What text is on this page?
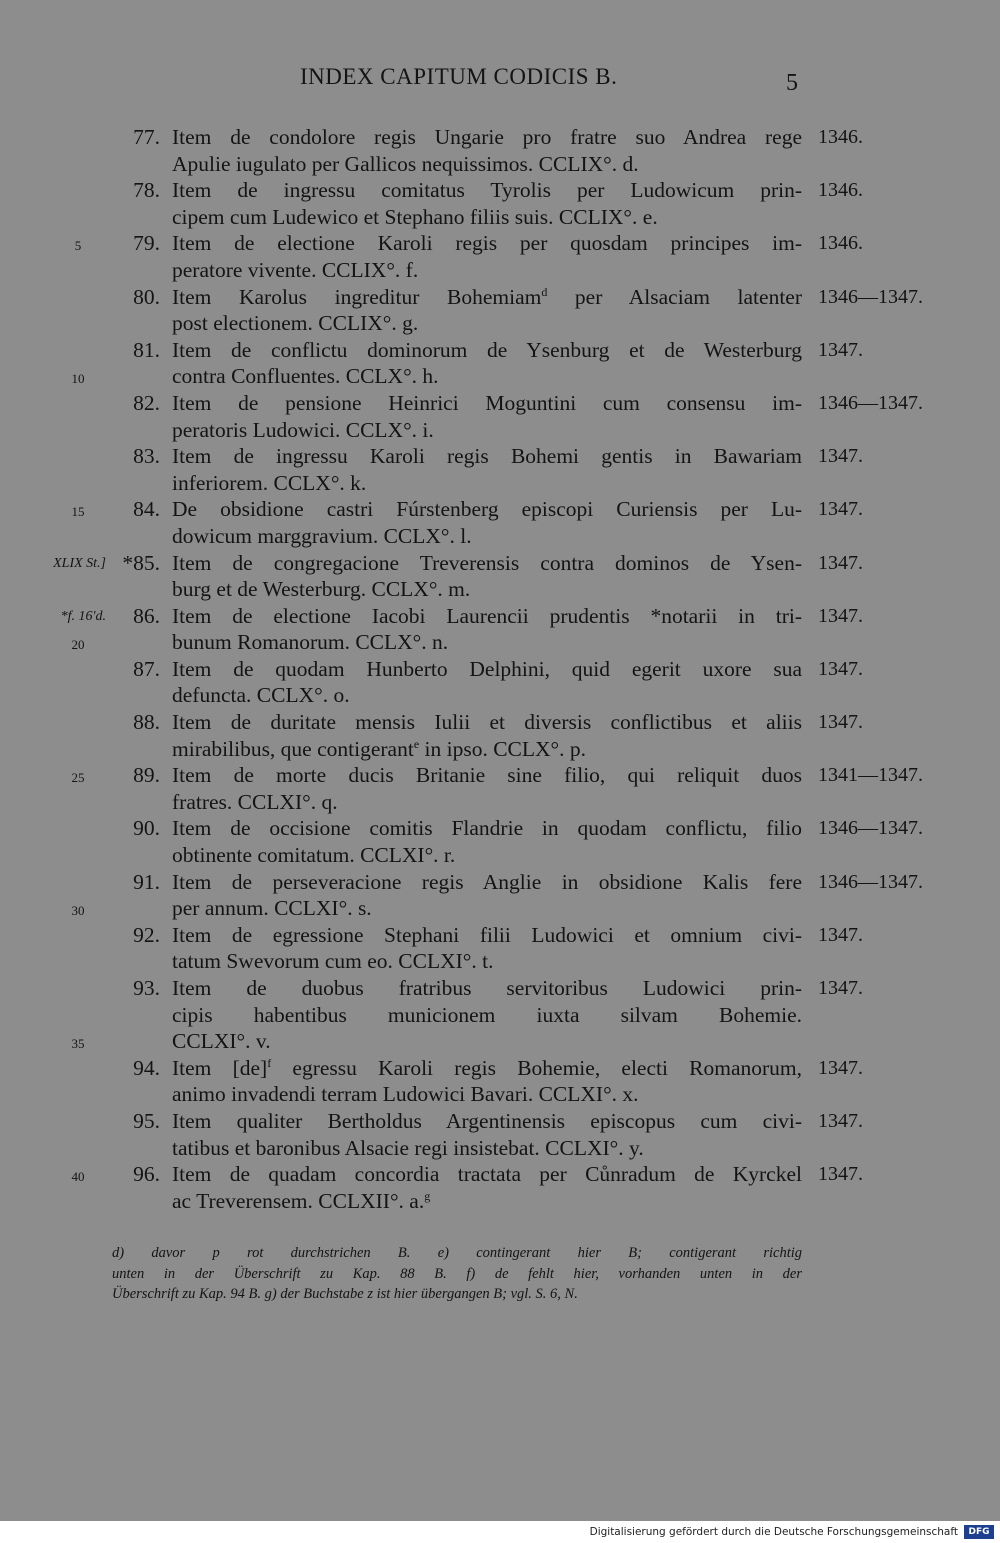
INDEX CAPITUM CODICIS B.	5
77. Item de condolore regis Ungarie pro fratre suo Andrea rege 1346.
Apulie iugulato per Gallicos nequissimos. CCLIX°. d.
78. Item de ingressu comitatus Tyrolis per Ludowicum prin- 1346.
cipem cum Ludewico et Stephano filiis suis. CCLIX°. e.
5	79. Item de electione Karoli regis per quosdam principes im- 1346.
peratore vivente. CCLIX°. f.
80. Item Karolus ingreditur Bohemiam$^d$ per Alsaciam latenter 1346—1347.
post electionem. CCLIX°. g.
81. Item de conflictu dominorum de Ysenburg et de Westerburg 1347.
10	contra Confluentes. CCLX°. h.
82. Item de pensione Heinrici Moguntini cum consensu im- 1346—1347.
peratoris Ludowici. CCLX°. i.
83. Item de ingressu Karoli regis Bohemi gentis in Bawariam 1347.
inferiorem. CCLX°. k.
15	84. De obsidione castri Fúrstenberg episcopi Curiensis per Lu- 1347.
dowicum marggravium. CCLX°. l.
XLIX St.] *85. Item de congregacione Treverensis contra dominos de Ysen- 1347.
burg et de Westerburg. CCLX°. m.
*f. 16'd.	86. Item de electione Iacobi Laurencii prudentis *notarii in tri- 1347.
20	bunum Romanorum. CCLX°. n.
87. Item de quodam Hunberto Delphini, quid egerit uxore sua 1347.
defuncta. CCLX°. o.
88. Item de duritate mensis Iulii et diversis conflictibus et aliis 1347.
mirabilibus, que contigerant$^e$ in ipso. CCLX°. p.
25	89. Item de morte ducis Britanie sine filio, qui reliquit duos 1341—1347.
fratres. CCLXI°. q.
90. Item de occisione comitis Flandrie in quodam conflictu, filio 1346—1347.
obtinente comitatum. CCLXI°. r.
91. Item de perseveracione regis Anglie in obsidione Kalis fere 1346—1347.
30	per annum. CCLXI°. s.
92. Item de egressione Stephani filii Ludowici et omnium civi- 1347.
tatum Swevorum cum eo. CCLXI°. t.
93. Item de duobus fratribus servitoribus Ludowici prin- 1347.
cipis habentibus municionem iuxta silvam Bohemie.
35	CCLXI°. v.
94. Item [de]$^f$ egressu Karoli regis Bohemie, electi Romanorum, 1347.
animo invadendi terram Ludowici Bavari. CCLXI°. x.
95. Item qualiter Bertholdus Argentinensis episcopus cum civi- 1347.
tatibus et baronibus Alsacie regi insistebat. CCLXI°. y.
40	96. Item de quadam concordia tractata per Cůnradum de Kyrckel 1347.
ac Treverensem. CCLXII°. a.$^g$
d) davor p rot durchstrichen B. e) contingerant hier B; contigerant richtig
unten in der Überschrift zu Kap. 88 B. f) de fehlt hier, vorhanden unten in der
Überschrift zu Kap. 94 B. g) der Buchstabe z ist hier übergangen B; vgl. S. 6, N.
Digitalisierung gefördert durch die Deutsche Forschungsgemeinschaft	DFG
